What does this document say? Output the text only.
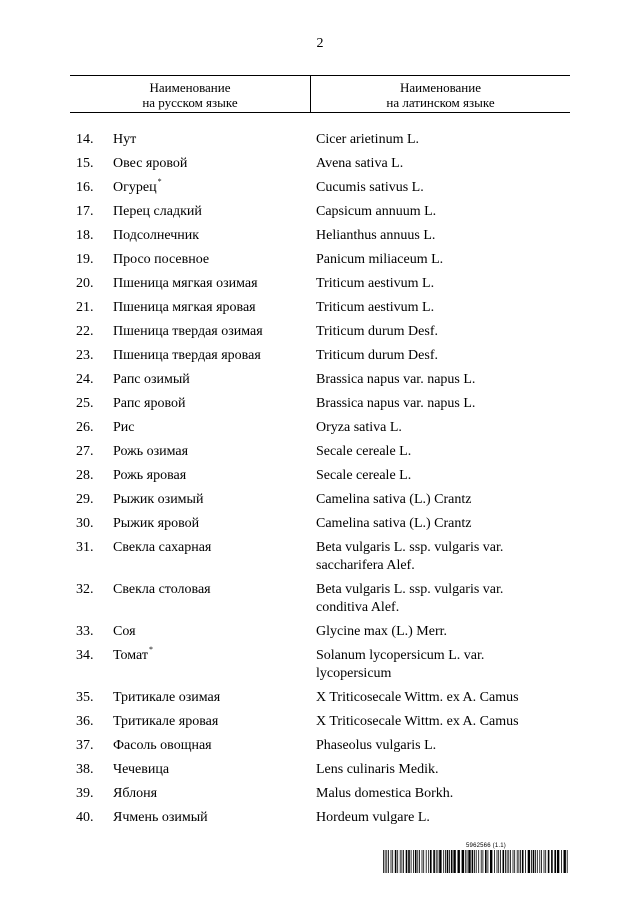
2
Наименование
на русском языке
Наименование
на латинском языке
14.	Нут	Cicer arietinum L.
15.	Овес яровой	Avena sativa L.
16.	Огурец*	Cucumis sativus L.
17.	Перец сладкий	Capsicum annuum L.
18.	Подсолнечник	Helianthus annuus L.
19.	Просо посевное	Panicum miliaceum L.
20.	Пшеница мягкая озимая	Triticum aestivum L.
21.	Пшеница мягкая яровая	Triticum aestivum L.
22.	Пшеница твердая озимая	Triticum durum Desf.
23.	Пшеница твердая яровая	Triticum durum Desf.
24.	Рапс озимый	Brassica napus var. napus L.
25.	Рапс яровой	Brassica napus var. napus L.
26.	Рис	Oryza sativa L.
27.	Рожь озимая	Secale cereale L.
28.	Рожь яровая	Secale cereale L.
29.	Рыжик озимый	Camelina sativa (L.) Crantz
30.	Рыжик яровой	Camelina sativa (L.) Crantz
31.	Свекла сахарная	Beta vulgaris L. ssp. vulgaris var.
saccharifera Alef.
32.	Свекла столовая	Beta vulgaris L. ssp. vulgaris var.
conditiva Alef.
33.	Соя	Glycine max (L.) Merr.
34.	Томат*	Solanum lycopersicum L. var.
lycopersicum
35.	Тритикале озимая	X Triticosecale Wittm. ex A. Camus
36.	Тритикале яровая	X Triticosecale Wittm. ex A. Camus
37.	Фасоль овощная	Phaseolus vulgaris L.
38.	Чечевица	Lens culinaris Medik.
39.	Яблоня	Malus domestica Borkh.
40.	Ячмень озимый	Hordeum vulgare L.
5962566 (1.1)
